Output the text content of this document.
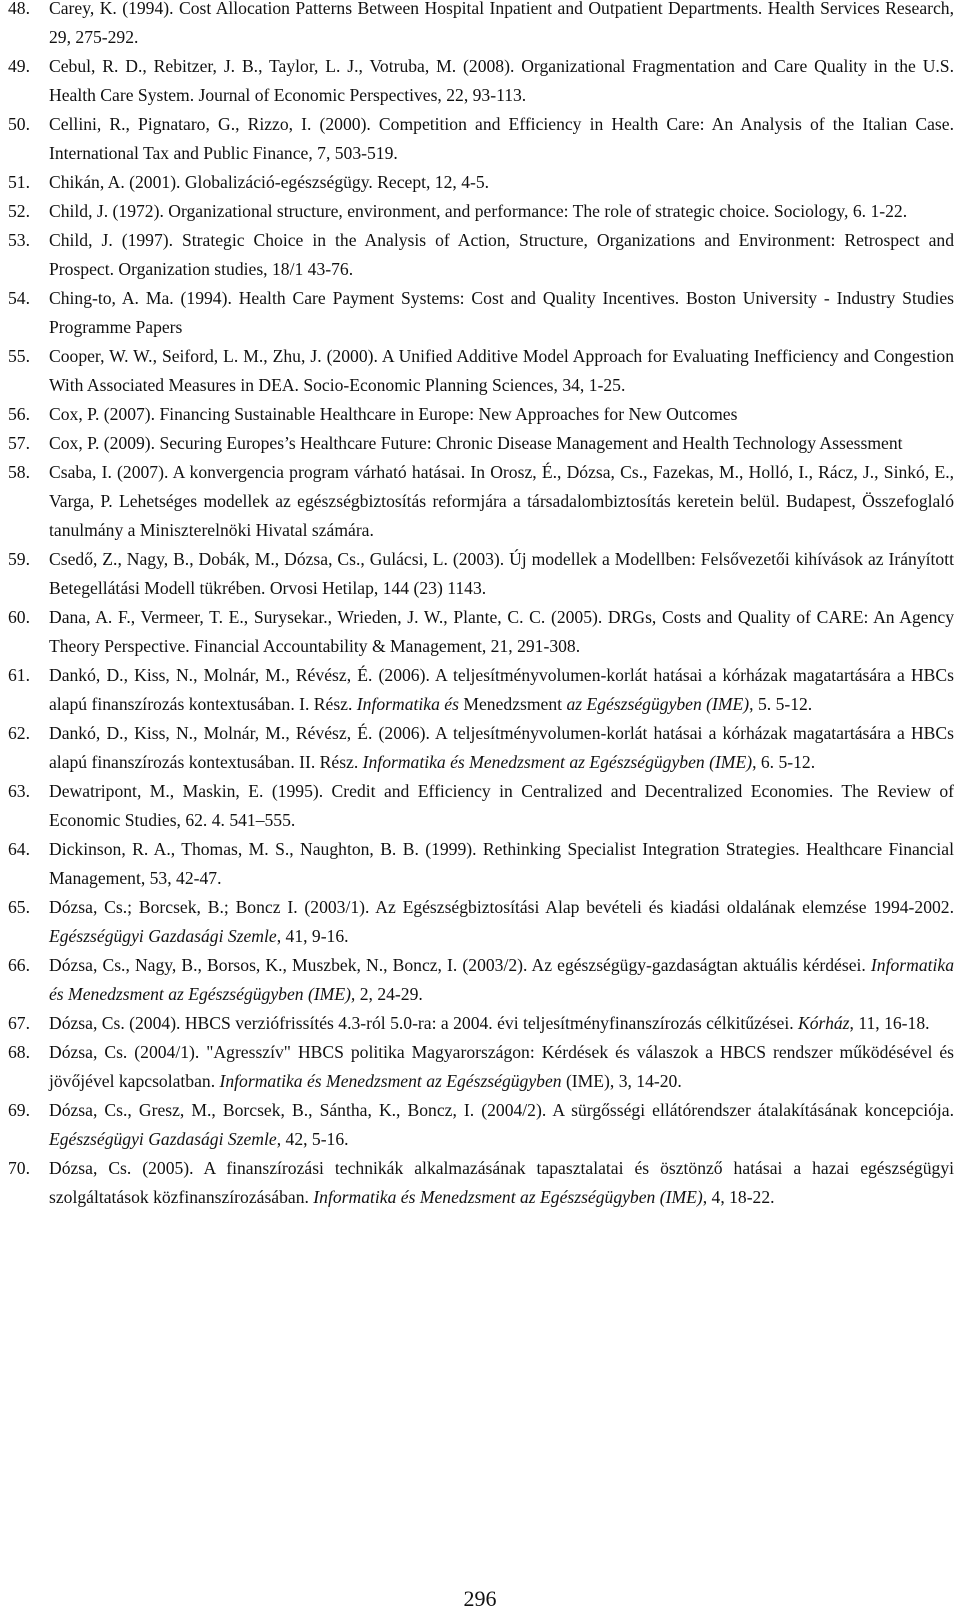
48.	Carey, K. (1994). Cost Allocation Patterns Between Hospital Inpatient and Outpatient Departments. Health Services Research, 29, 275-292.
49.	Cebul, R. D., Rebitzer, J. B., Taylor, L. J., Votruba, M. (2008). Organizational Fragmentation and Care Quality in the U.S. Health Care System. Journal of Economic Perspectives, 22, 93-113.
50.	Cellini, R., Pignataro, G., Rizzo, I. (2000). Competition and Efficiency in Health Care: An Analysis of the Italian Case. International Tax and Public Finance, 7, 503-519.
51.	Chikán, A. (2001). Globalizáció-egészségügy. Recept, 12, 4-5.
52.	Child, J. (1972). Organizational structure, environment, and performance: The role of strategic choice. Sociology, 6. 1-22.
53.	Child, J. (1997). Strategic Choice in the Analysis of Action, Structure, Organizations and Environment: Retrospect and Prospect. Organization studies, 18/1 43-76.
54.	Ching-to, A. Ma. (1994). Health Care Payment Systems: Cost and Quality Incentives. Boston University - Industry Studies Programme Papers
55.	Cooper, W. W., Seiford, L. M., Zhu, J. (2000). A Unified Additive Model Approach for Evaluating Inefficiency and Congestion With Associated Measures in DEA. Socio-Economic Planning Sciences, 34, 1-25.
56.	Cox, P. (2007). Financing Sustainable Healthcare in Europe: New Approaches for New Outcomes
57.	Cox, P. (2009). Securing Europes’s Healthcare Future: Chronic Disease Management and Health Technology Assessment
58.	Csaba, I. (2007). A konvergencia program várható hatásai. In Orosz, É., Dózsa, Cs., Fazekas, M., Holló, I., Rácz, J., Sinkó, E., Varga, P. Lehetséges modellek az egészségbiztosítás reformjára a társadalombiztosítás keretein belül. Budapest, Összefoglaló tanulmány a Miniszterelnöki Hivatal számára.
59.	Csedő, Z., Nagy, B., Dobák, M., Dózsa, Cs., Gulácsi, L. (2003). Új modellek a Modellben: Felsővezetői kihívások az Irányított Betegellátási Modell tükrében. Orvosi Hetilap, 144 (23) 1143.
60.	Dana, A. F., Vermeer, T. E., Surysekar., Wrieden, J. W., Plante, C. C. (2005). DRGs, Costs and Quality of CARE: An Agency Theory Perspective. Financial Accountability & Management, 21, 291-308.
61.	Dankó, D., Kiss, N., Molnár, M., Révész, É. (2006). A teljesítményvolumen-korlát hatásai a kórházak magatartására a HBCs alapú finanszírozás kontextusában. I. Rész. Informatika és Menedzsment az Egészségügyben (IME), 5. 5-12.
62.	Dankó, D., Kiss, N., Molnár, M., Révész, É. (2006). A teljesítményvolumen-korlát hatásai a kórházak magatartására a HBCs alapú finanszírozás kontextusában. II. Rész. Informatika és Menedzsment az Egészségügyben (IME), 6. 5-12.
63.	Dewatripont, M., Maskin, E. (1995). Credit and Efficiency in Centralized and Decentralized Economies. The Review of Economic Studies, 62. 4. 541–555.
64.	Dickinson, R. A., Thomas, M. S., Naughton, B. B. (1999). Rethinking Specialist Integration Strategies. Healthcare Financial Management, 53, 42-47.
65.	Dózsa, Cs.; Borcsek, B.; Boncz I. (2003/1). Az Egészségbiztosítási Alap bevételi és kiadási oldalának elemzése 1994-2002. Egészségügyi Gazdasági Szemle, 41, 9-16.
66.	Dózsa, Cs., Nagy, B., Borsos, K., Muszbek, N., Boncz, I. (2003/2). Az egészségügy-gazdaságtan aktuális kérdései. Informatika és Menedzsment az Egészségügyben (IME), 2, 24-29.
67.	Dózsa, Cs. (2004). HBCS verziófrissítés 4.3-ról 5.0-ra: a 2004. évi teljesítményfinanszírozás célkitűzései. Kórház, 11, 16-18.
68.	Dózsa, Cs. (2004/1). "Agresszív" HBCS politika Magyarországon: Kérdések és válaszok a HBCS rendszer működésével és jövőjével kapcsolatban. Informatika és Menedzsment az Egészségügyben (IME), 3, 14-20.
69.	Dózsa, Cs., Gresz, M., Borcsek, B., Sántha, K., Boncz, I. (2004/2). A sürgősségi ellátórendszer átalakításának koncepciója. Egészségügyi Gazdasági Szemle, 42, 5-16.
70.	Dózsa, Cs. (2005). A finanszírozási technikák alkalmazásának tapasztalatai és ösztönző hatásai a hazai egészségügyi szolgáltatások közfinanszírozásában. Informatika és Menedzsment az Egészségügyben (IME), 4, 18-22.
296
